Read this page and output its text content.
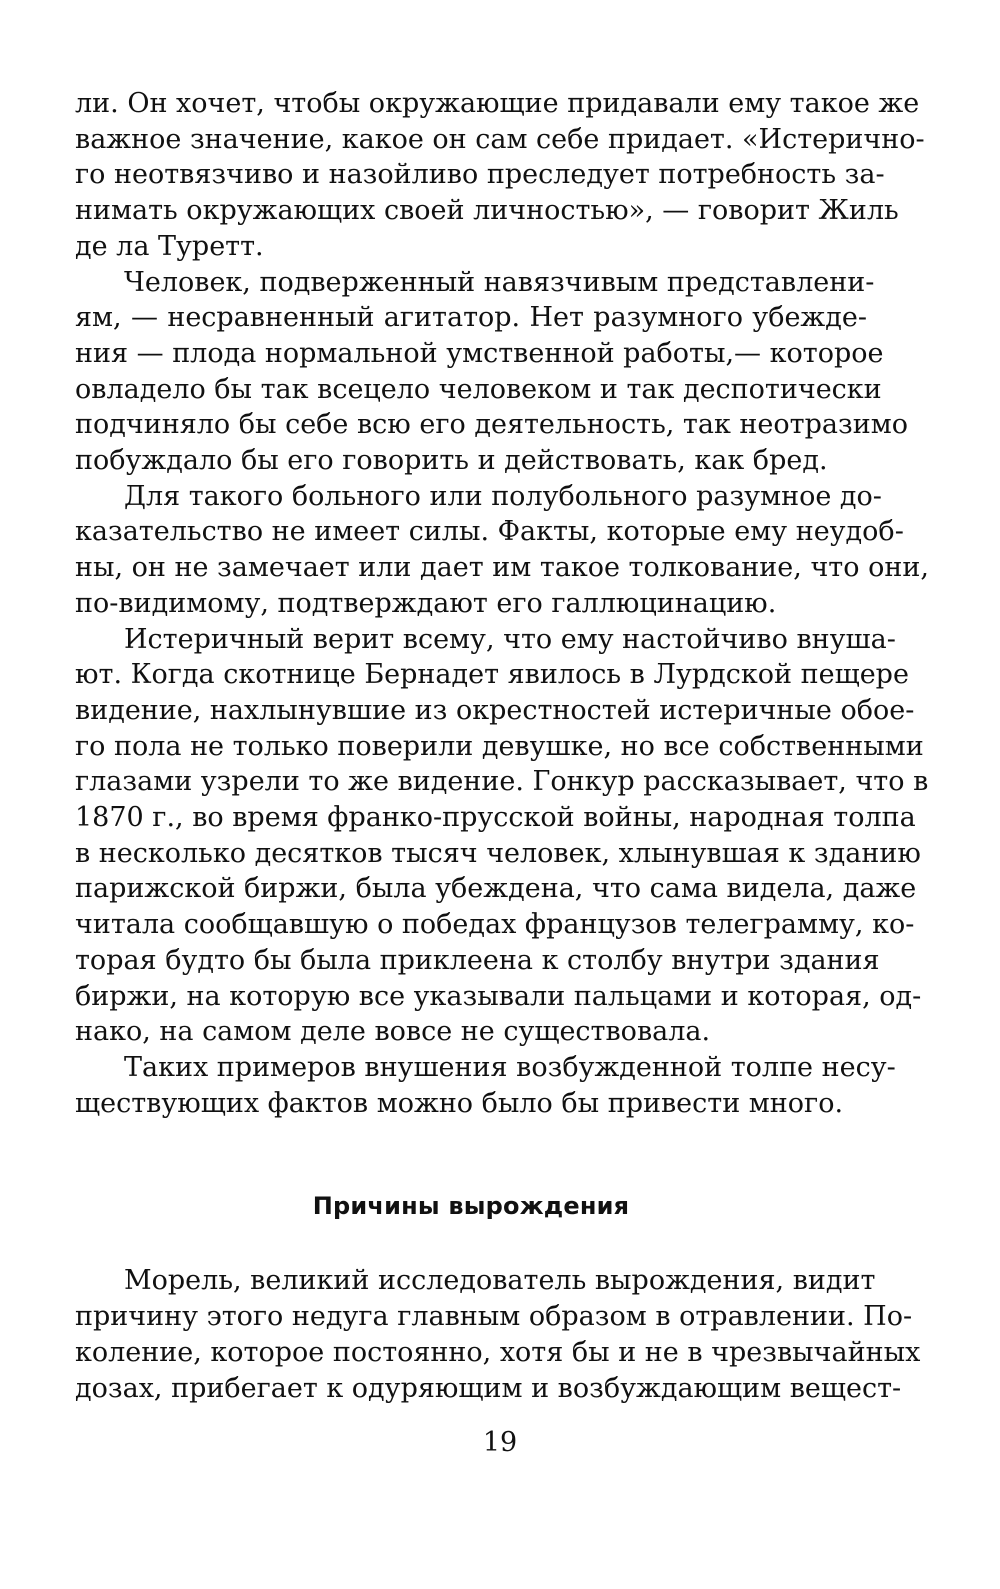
ли. Он хочет, чтобы окружающие придавали ему такое же
важное значение, какое он сам себе придает. «Истерично-
го неотвязчиво и назойливо преследует потребность за-
нимать окружающих своей личностью», — говорит Жиль
де ла Туретт.

Человек, подверженный навязчивым представлени-
ям, — несравненный агитатор. Нет разумного убежде-
ния — плода нормальной умственной работы,— которое
овладело бы так всецело человеком и так деспотически
подчиняло бы себе всю его деятельность, так неотразимо
побуждало бы его говорить и действовать, как бред.

Для такого больного или полубольного разумное до-
казательство не имеет силы. Факты, которые ему неудоб-
ны, он не замечает или дает им такое толкование, что они,
по-видимому, подтверждают его галлюцинацию.

Истеричный верит всему, что ему настойчиво внуша-
ют. Когда скотнице Бернадет явилось в Лурдской пещере
видение, нахлынувшие из окрестностей истеричные обое-
го пола не только поверили девушке, но все собственными
глазами узрели то же видение. Гонкур рассказывает, что в
1870 г., во время франко-прусской войны, народная толпа
в несколько десятков тысяч человек, хлынувшая к зданию
парижской биржи, была убеждена, что сама видела, даже
читала сообщавшую о победах французов телеграмму, ко-
торая будто бы была приклеена к столбу внутри здания
биржи, на которую все указывали пальцами и которая, од-
нако, на самом деле вовсе не существовала.

Таких примеров внушения возбужденной толпе несу-
ществующих фактов можно было бы привести много.

Причины вырождения

Морель, великий исследователь вырождения, видит
причину этого недуга главным образом в отравлении. По-
коление, которое постоянно, хотя бы и не в чрезвычайных
дозах, прибегает к одуряющим и возбуждающим вещест-

19
